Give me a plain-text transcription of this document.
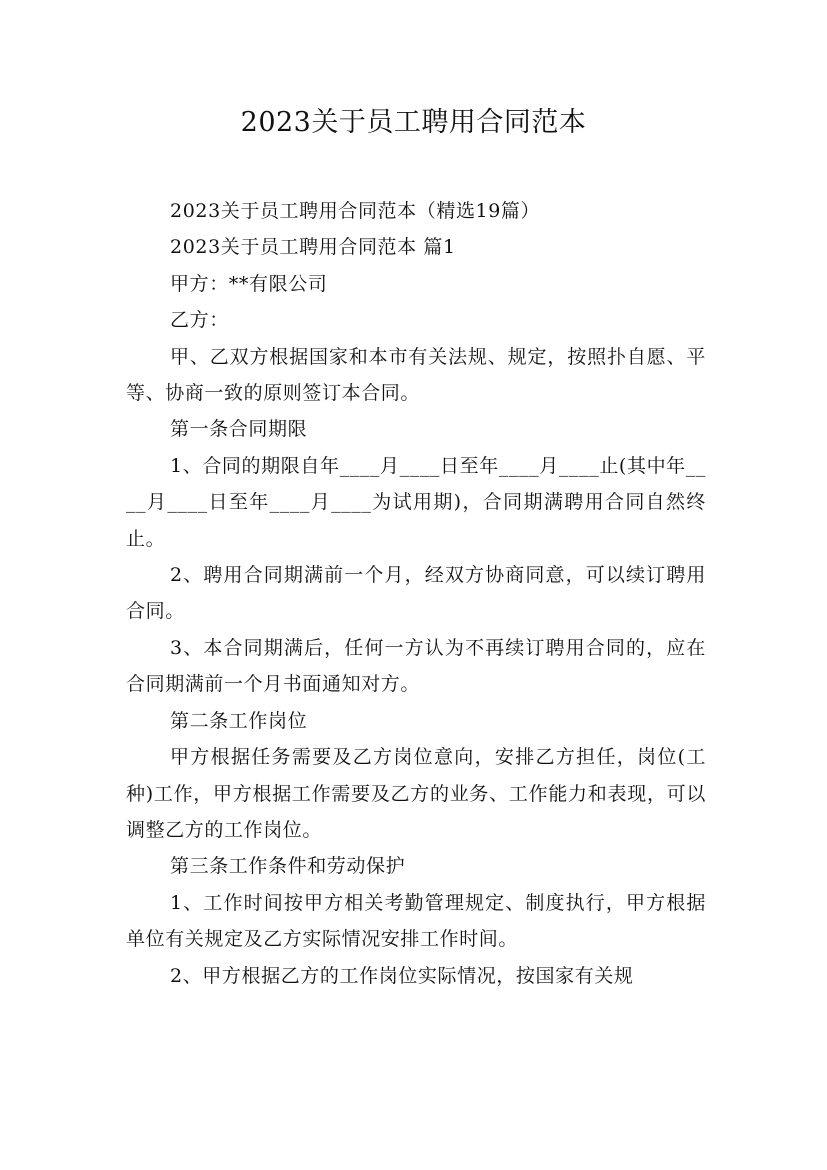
2023关于员工聘用合同范本

2023关于员工聘用合同范本（精选19篇）

2023关于员工聘用合同范本 篇1

甲方：**有限公司

乙方：

甲、乙双方根据国家和本市有关法规、规定，按照扑自愿、平等、协商一致的原则签订本合同。

第一条合同期限

1、合同的期限自年____月____日至年____月____止(其中年____月____日至年____月____为试用期)，合同期满聘用合同自然终止。

2、聘用合同期满前一个月，经双方协商同意，可以续订聘用合同。

3、本合同期满后，任何一方认为不再续订聘用合同的，应在合同期满前一个月书面通知对方。

第二条工作岗位

甲方根据任务需要及乙方岗位意向，安排乙方担任，岗位(工种)工作，甲方根据工作需要及乙方的业务、工作能力和表现，可以调整乙方的工作岗位。

第三条工作条件和劳动保护

1、工作时间按甲方相关考勤管理规定、制度执行，甲方根据单位有关规定及乙方实际情况安排工作时间。

2、甲方根据乙方的工作岗位实际情况，按国家有关规
